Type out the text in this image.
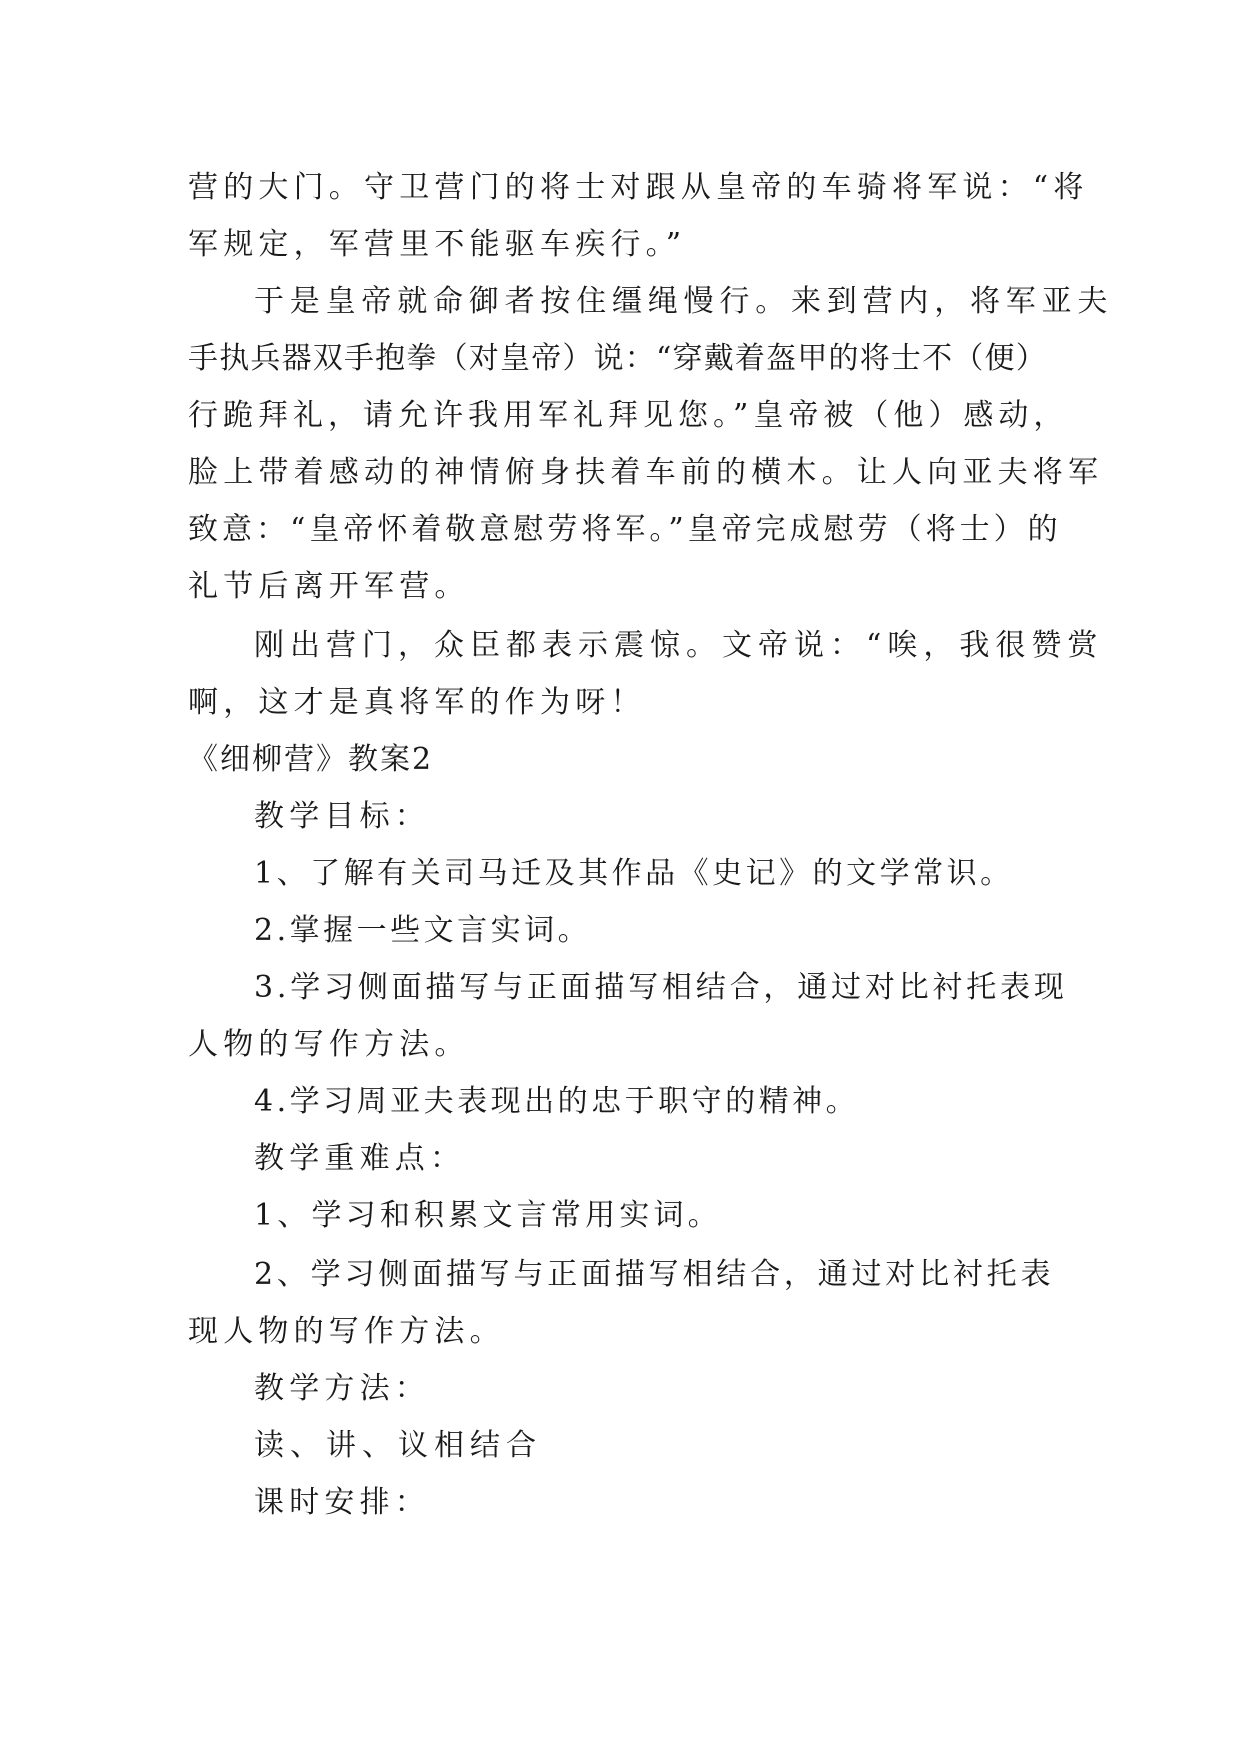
营的大门。守卫营门的将士对跟从皇帝的车骑将军说：“将
军规定，军营里不能驱车疾行。”
于是皇帝就命御者按住缰绳慢行。来到营内，将军亚夫
手执兵器双手抱拳（对皇帝）说：“穿戴着盔甲的将士不（便）
行跪拜礼，请允许我用军礼拜见您。”皇帝被（他）感动，
脸上带着感动的神情俯身扶着车前的横木。让人向亚夫将军
致意：“皇帝怀着敬意慰劳将军。”皇帝完成慰劳（将士）的
礼节后离开军营。
刚出营门，众臣都表示震惊。文帝说：“唉，我很赞赏
啊，这才是真将军的作为呀！
《细柳营》教案2
教学目标：
1、了解有关司马迁及其作品《史记》的文学常识。
2.掌握一些文言实词。
3.学习侧面描写与正面描写相结合，通过对比衬托表现
人物的写作方法。
4.学习周亚夫表现出的忠于职守的精神。
教学重难点：
1、学习和积累文言常用实词。
2、学习侧面描写与正面描写相结合，通过对比衬托表
现人物的写作方法。
教学方法：
读、讲、议相结合
课时安排：
